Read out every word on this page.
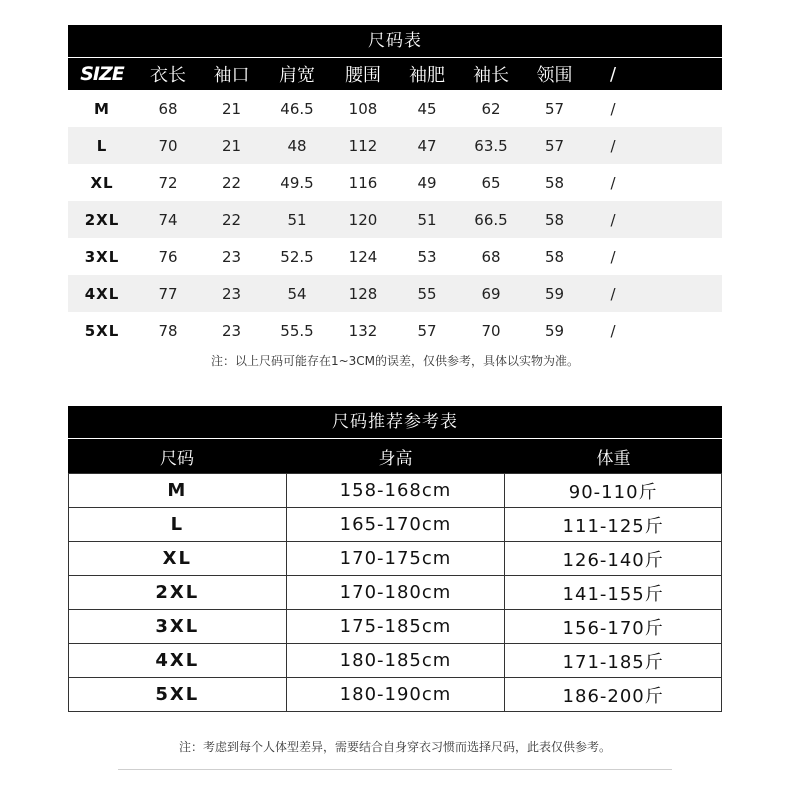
尺码表
SIZE	衣长	袖口	肩宽	腰围	袖肥	袖长	领围	/
M	68	21	46.5	108	45	62	57	/
L	70	21	48	112	47	63.5	57	/
XL	72	22	49.5	116	49	65	58	/
2XL	74	22	51	120	51	66.5	58	/
3XL	76	23	52.5	124	53	68	58	/
4XL	77	23	54	128	55	69	59	/
5XL	78	23	55.5	132	57	70	59	/
注：以上尺码可能存在1~3CM的误差，仅供参考，具体以实物为准。
尺码推荐参考表
尺码	身高	体重
M	158-168cm	90-110斤
L	165-170cm	111-125斤
XL	170-175cm	126-140斤
2XL	170-180cm	141-155斤
3XL	175-185cm	156-170斤
4XL	180-185cm	171-185斤
5XL	180-190cm	186-200斤
注：考虑到每个人体型差异，需要结合自身穿衣习惯而选择尺码，此表仅供参考。
